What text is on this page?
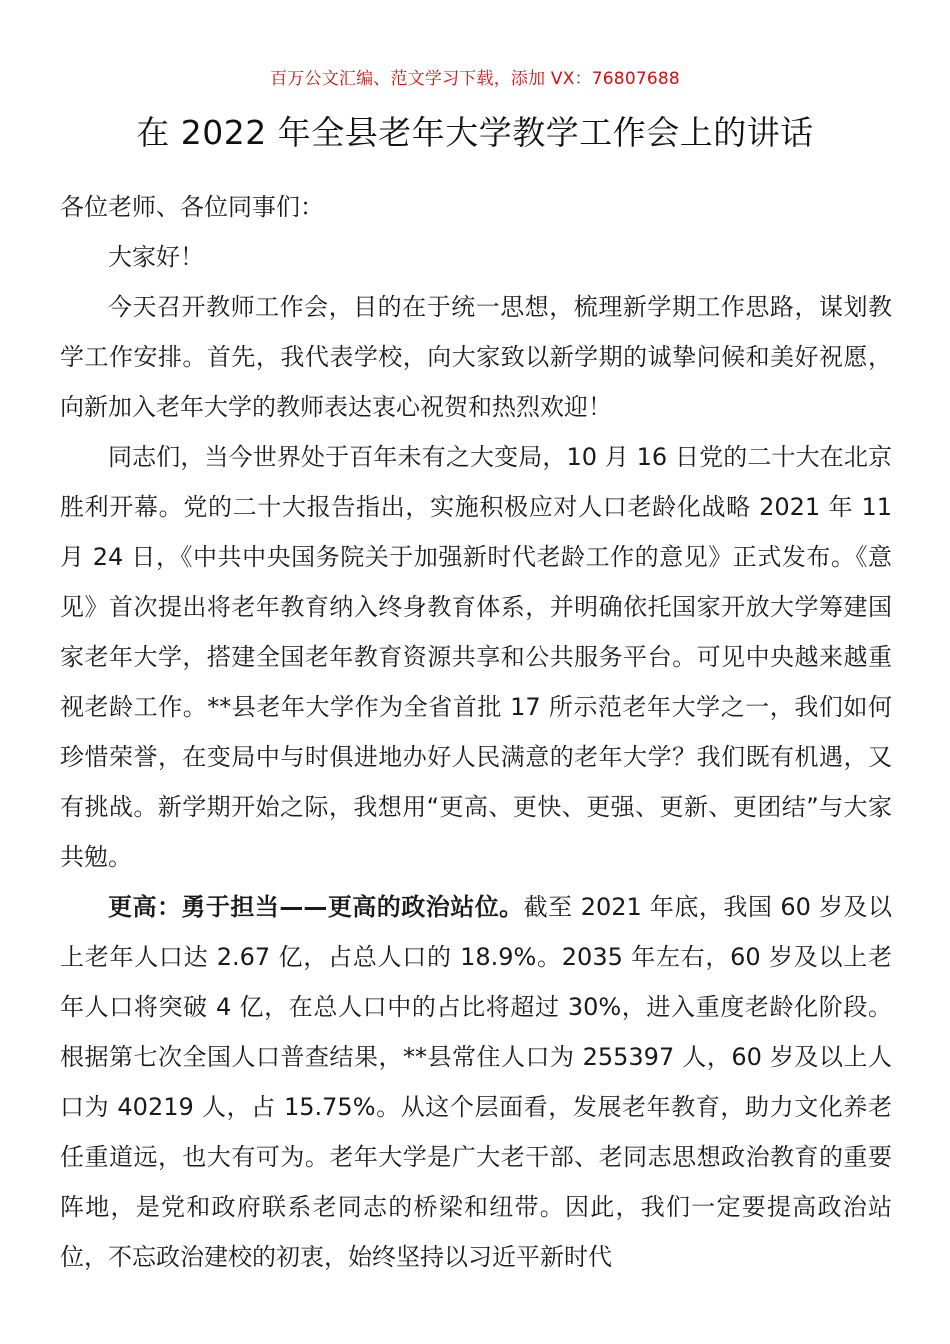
百万公文汇编、范文学习下载，添加 VX：76807688
在 2022 年全县老年大学教学工作会上的讲话

各位老师、各位同事们：

大家好！

今天召开教师工作会，目的在于统一思想，梳理新学期工作思路，谋划教学工作安排。首先，我代表学校，向大家致以新学期的诚挚问候和美好祝愿，向新加入老年大学的教师表达衷心祝贺和热烈欢迎！

同志们，当今世界处于百年未有之大变局，10 月 16 日党的二十大在北京胜利开幕。党的二十大报告指出，实施积极应对人口老龄化战略 2021 年 11 月 24 日，《中共中央国务院关于加强新时代老龄工作的意见》正式发布。《意见》首次提出将老年教育纳入终身教育体系，并明确依托国家开放大学筹建国家老年大学，搭建全国老年教育资源共享和公共服务平台。可见中央越来越重视老龄工作。**县老年大学作为全省首批 17 所示范老年大学之一，我们如何珍惜荣誉，在变局中与时俱进地办好人民满意的老年大学？我们既有机遇，又有挑战。新学期开始之际，我想用“更高、更快、更强、更新、更团结”与大家共勉。

更高：勇于担当——更高的政治站位。截至 2021 年底，我国 60 岁及以上老年人口达 2.67 亿，占总人口的 18.9%。2035 年左右，60 岁及以上老年人口将突破 4 亿，在总人口中的占比将超过 30%，进入重度老龄化阶段。根据第七次全国人口普查结果，**县常住人口为 255397 人，60 岁及以上人口为 40219 人，占 15.75%。从这个层面看，发展老年教育，助力文化养老任重道远，也大有可为。老年大学是广大老干部、老同志思想政治教育的重要阵地，是党和政府联系老同志的桥梁和纽带。因此，我们一定要提高政治站位，不忘政治建校的初衷，始终坚持以习近平新时代
